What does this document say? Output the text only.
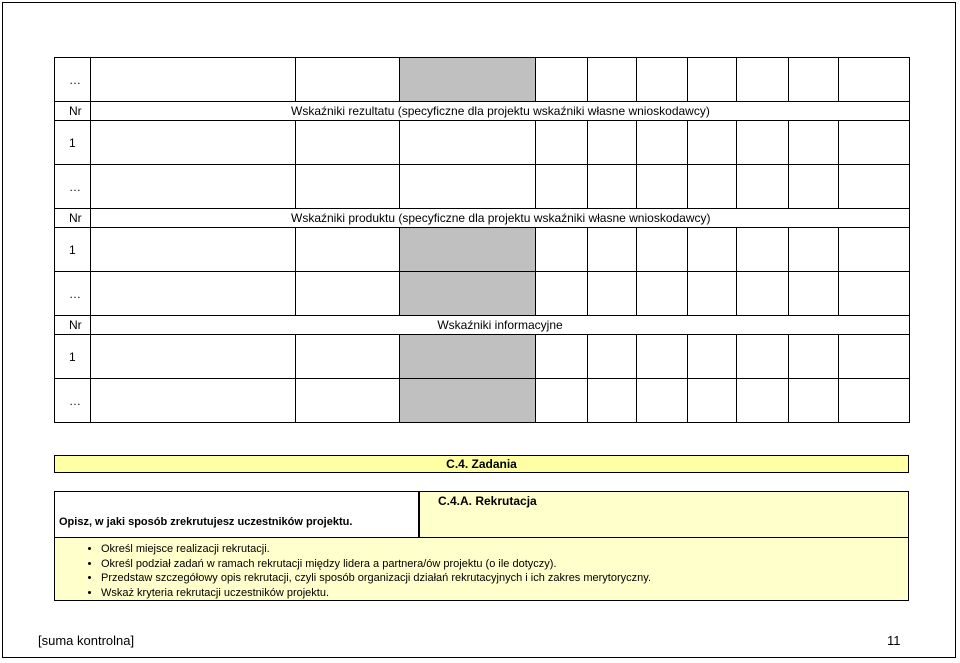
…										
Nr	Wskaźniki rezultatu (specyficzne dla projektu wskaźniki własne wnioskodawcy)									
1										
…										
Nr	Wskaźniki produktu (specyficzne dla projektu wskaźniki własne wnioskodawcy)									
1										
…										
Nr	Wskaźniki informacyjne									
1										
…										
C.4. Zadania
Opisz, w jaki sposób zrekrutujesz uczestników projektu.
C.4.A. Rekrutacja
• Określ miejsce realizacji rekrutacji.
• Określ podział zadań w ramach rekrutacji między lidera a partnera/ów projektu (o ile dotyczy).
• Przedstaw szczegółowy opis rekrutacji, czyli sposób organizacji działań rekrutacyjnych i ich zakres merytoryczny.
• Wskaż kryteria rekrutacji uczestników projektu.
[suma kontrolna]	11
